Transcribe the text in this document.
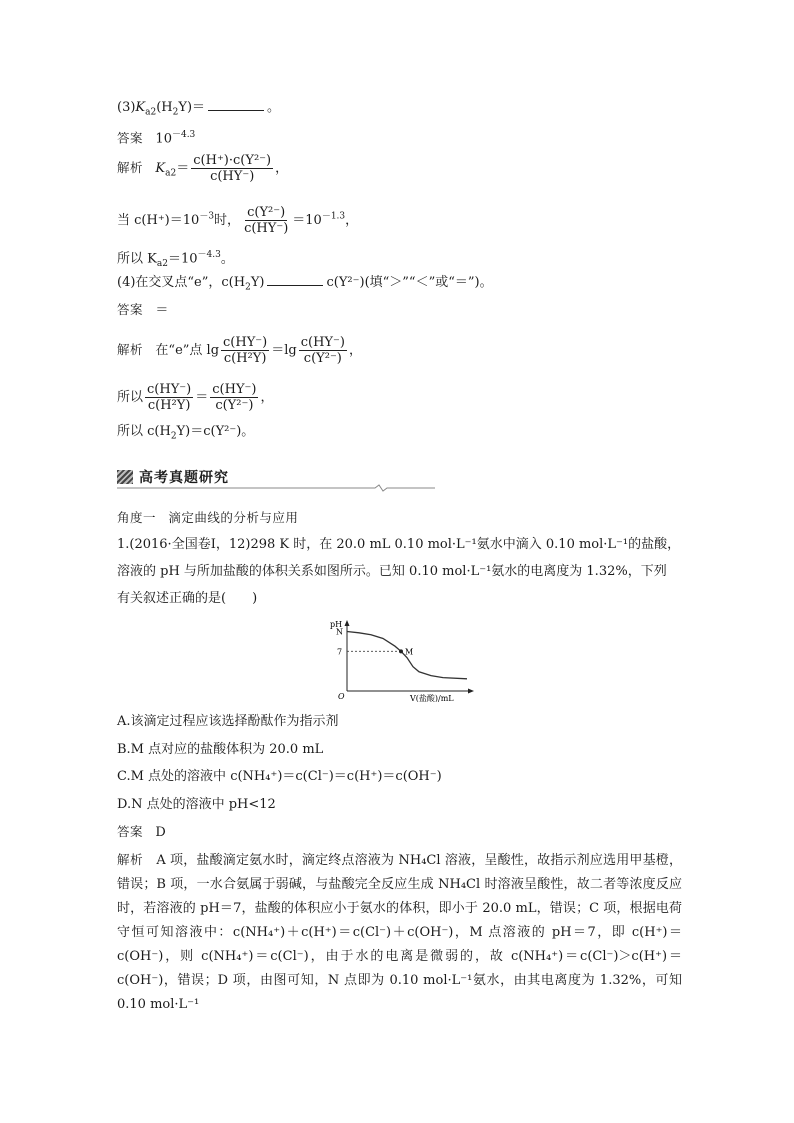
$(3)K_{a2}(H_2Y)=$	。
答案 $10^{-4.3}$
解析 $K_{a2}= \frac{\text{c(H⁺)·c(Y²⁻)}}{c(HY^-)}$ ，
当 $c(H^+)=10^{-3}$时， $\frac{\text{c(Y²⁻)}}{c(HY^-)} =10^{-1.3}$，
所以 $K_{a2}=10^{-4.3}$。
(4)在交叉点“e”，$c(H_2Y)$	c(Y²⁻)(填“＞”“＜”或“＝”)。
答案 ＝
解析 在“e”点 $\lg \frac{c(HY^-)}{\text{c(H²Y)}} =\lg \frac{c(HY^-)}{\text{c(Y²⁻)}}$ ，
所以 $\frac{c(HY^-)}{\text{c(H²Y)}} = \frac{c(HY^-)}{\text{c(Y²⁻)}}$ ，
所以 $c(H_2Y)=c(Y^{2-})$。
高考真题研究
角度一 滴定曲线的分析与应用
1.(2016·全国卷Ⅰ，12)298 K 时，在 20.0 mL 0.10 mol·L⁻¹氨水中滴入 0.10 mol·L⁻¹的盐酸，
溶液的 pH 与所加盐酸的体积关系如图所示。已知 0.10 mol·L⁻¹氨水的电离度为 1.32%，下列
有关叙述正确的是(　　)
pH
N
7	M
O	V(盐酸)/mL
A.该滴定过程应该选择酚酞作为指示剂
B.M 点对应的盐酸体积为 20.0 mL
C.M 点处的溶液中 c(NH₄⁺)＝c(Cl⁻)＝c(H⁺)＝c(OH⁻)
D.N 点处的溶液中 pH<12
答案 D
解析 A 项，盐酸滴定氨水时，滴定终点溶液为 NH₄Cl 溶液，呈酸性，故指示剂应选用甲基橙，错误；B 项，一水合氨属于弱碱，与盐酸完全反应生成 NH₄Cl 时溶液呈酸性，故二者等浓度反应时，若溶液的 pH＝7，盐酸的体积应小于氨水的体积，即小于 20.0 mL，错误；C 项，根据电荷守恒可知溶液中：c(NH₄⁺)＋c(H⁺)＝c(Cl⁻)＋c(OH⁻)，M 点溶液的 pH＝7，即 c(H⁺)＝c(OH⁻)，则 c(NH₄⁺)＝c(Cl⁻)，由于水的电离是微弱的，故 c(NH₄⁺)＝c(Cl⁻)＞c(H⁺)＝c(OH⁻)，错误；D 项，由图可知，N 点即为 0.10 mol·L⁻¹氨水，由其电离度为 1.32%，可知 0.10 mol·L⁻¹
